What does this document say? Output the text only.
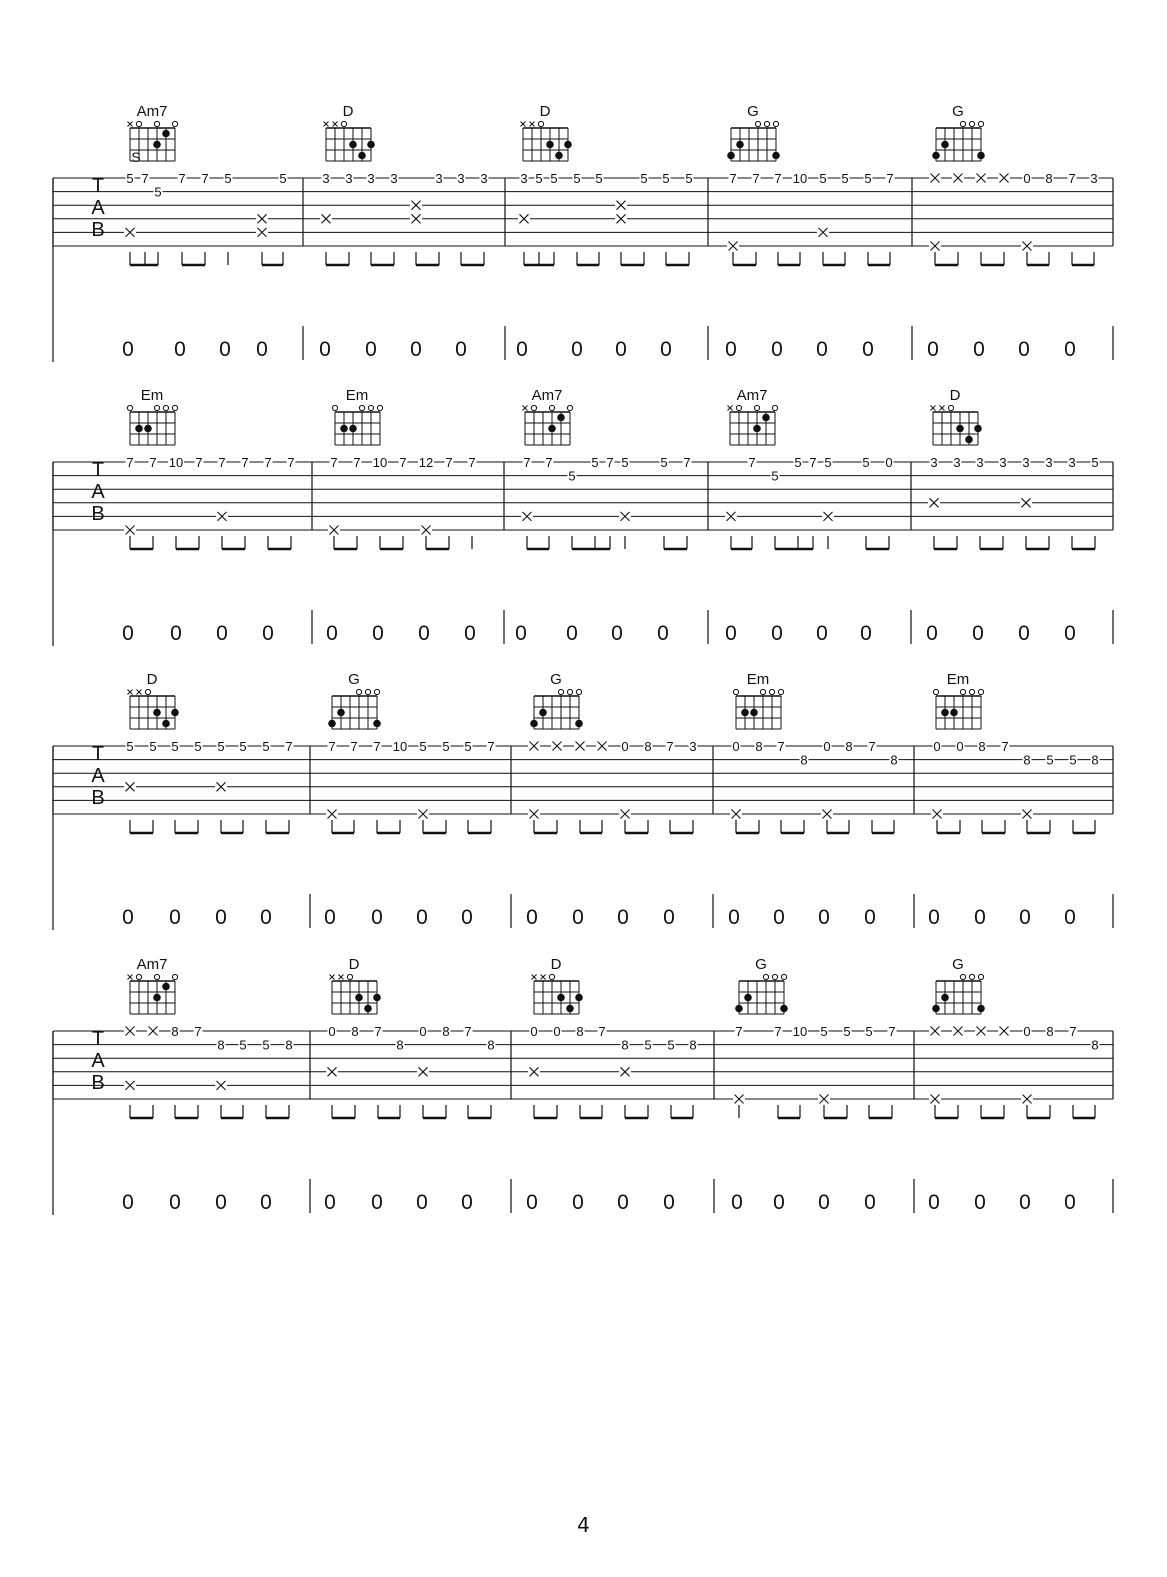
T
A
B
Am7
S
5 7
5
7 7 5	5
D
3 3 3 3	3 3 3
D
3 5 5 5 5	5 5 5
G
7 7 7 10 5 5 5 7
G
0 8 7 3
0 0 0 0 0 0 0 0 0 0 0 0	0 0 0 0	0 0 0 0
T
A
B
Em
7 7 10 7 7 7 7 7
Em
7 7 10 7 12 7 7
Am7
7 7
5
5 7 5 5 7
Am7
7
5
5 7 5 5 0
D
3 3 3 3 3 3 3 5
0 0 0 0 0 0 0 0 0 0 0 0	0 0 0 0	0 0 0 0
T
A
B
D
5 5 5 5 5 5 5 7
G
7 7 7 10 5 5 5 7
G
0 8 7 3
Em
0 8 7
8
0 8 7
8
Em
0 0 8 7
8 5 5 8
0 0 0 0 0 0 0 0	0 0 0 0	0 0 0 0 0 0 0 0
T
A
B
Am7
8 7
8 5 5 8
D
0 8 7
8
0 8 7
8
D
0 0 8 7
8 5 5 8
G
7 7 10 5 5 5 7
G
0 8 7
8
0 0 0 0 0 0 0 0	0 0 0 0	0 0 0 0 0 0 0 0
4
